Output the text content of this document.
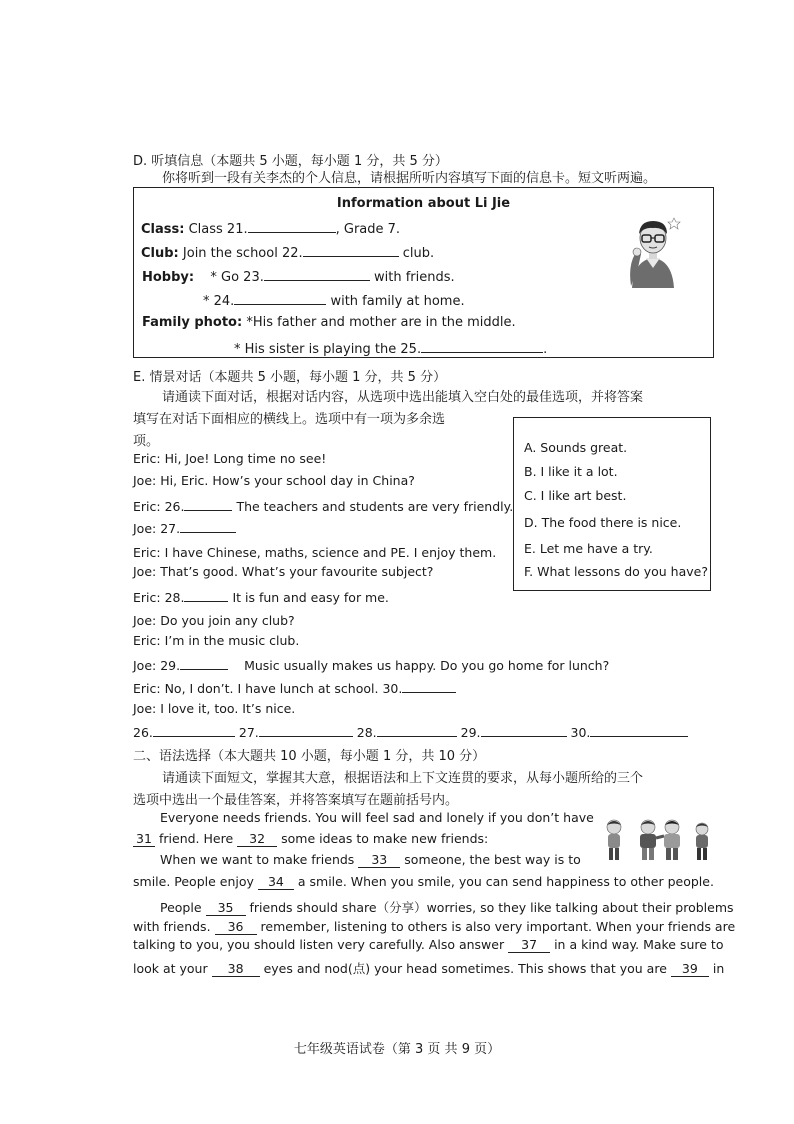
D. 听填信息（本题共 5 小题，每小题 1 分，共 5 分）
你将听到一段有关李杰的个人信息，请根据所听内容填写下面的信息卡。短文听两遍。
Information about Li Jie
Class: Class 21.	, Grade 7.
Club: Join the school 22.	club.
Hobby: * Go 23.	with friends.
* 24.	with family at home.
Family photo: *His father and mother are in the middle.
* His sister is playing the 25.	.
E. 情景对话（本题共 5 小题，每小题 1 分，共 5 分）
请通读下面对话，根据对话内容，从选项中选出能填入空白处的最佳选项，并将答案
填写在对话下面相应的横线上。选项中有一项为多余选
项。	A. Sounds great.
B. I like it a lot.
C. I like art best.
D. The food there is nice.
E. Let me have a try.
F. What lessons do you have?
Eric: Hi, Joe! Long time no see!
Joe: Hi, Eric. How’s your school day in China?
Eric: 26.	The teachers and students are very friendly.
Joe: 27.
Eric: I have Chinese, maths, science and PE. I enjoy them.
Joe: That’s good. What’s your favourite subject?
Eric: 28.	It is fun and easy for me.
Joe: Do you join any club?
Eric: I’m in the music club.
Joe: 29.	Music usually makes us happy. Do you go home for lunch?
Eric: No, I don’t. I have lunch at school. 30.
Joe: I love it, too. It’s nice.
26.	27.	28.	29.	30.
二、语法选择（本大题共 10 小题，每小题 1 分，共 10 分）
请通读下面短文，掌握其大意，根据语法和上下文连贯的要求，从每小题所给的三个
选项中选出一个最佳答案，并将答案填写在题前括号内。
Everyone needs friends. You will feel sad and lonely if you don’t have
31 friend. Here 32 some ideas to make new friends:
When we want to make friends 33 someone, the best way is to
smile. People enjoy 34 a smile. When you smile, you can send happiness to other people.
People 35 friends should share（分享）worries, so they like talking about their problems
with friends. 36 remember, listening to others is also very important. When your friends are
talking to you, you should listen very carefully. Also answer 37 in a kind way. Make sure to
look at your 38 eyes and nod(点) your head sometimes. This shows that you are 39 in
七年级英语试卷（第 3 页 共 9 页）
